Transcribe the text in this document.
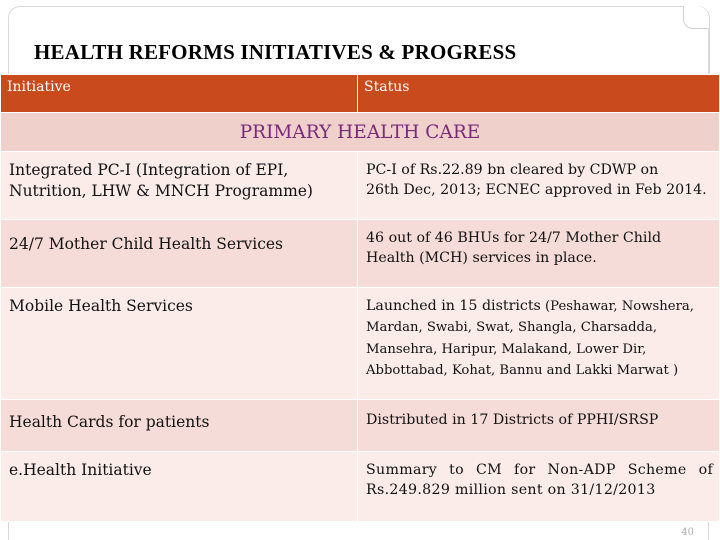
HEALTH REFORMS INITIATIVES & PROGRESS
Initiative	Status
PRIMARY HEALTH CARE	
Integrated PC-I (Integration of EPI, Nutrition, LHW & MNCH Programme)	PC-I of Rs.22.89 bn cleared by CDWP on
26th Dec, 2013; ECNEC approved in Feb 2014.
24/7 Mother Child Health Services	46 out of 46 BHUs for 24/7 Mother Child Health (MCH) services in place.
Mobile Health Services	Launched in 15 districts (Peshawar, Nowshera, Mardan, Swabi, Swat, Shangla, Charsadda, Mansehra, Haripur, Malakand, Lower Dir, Abbottabad, Kohat, Bannu and Lakki Marwat )
Health Cards for patients	Distributed in 17 Districts of PPHI/SRSP
e.Health Initiative	Summary to CM for Non-ADP Scheme of Rs.249.829 million sent on 31/12/2013
40
